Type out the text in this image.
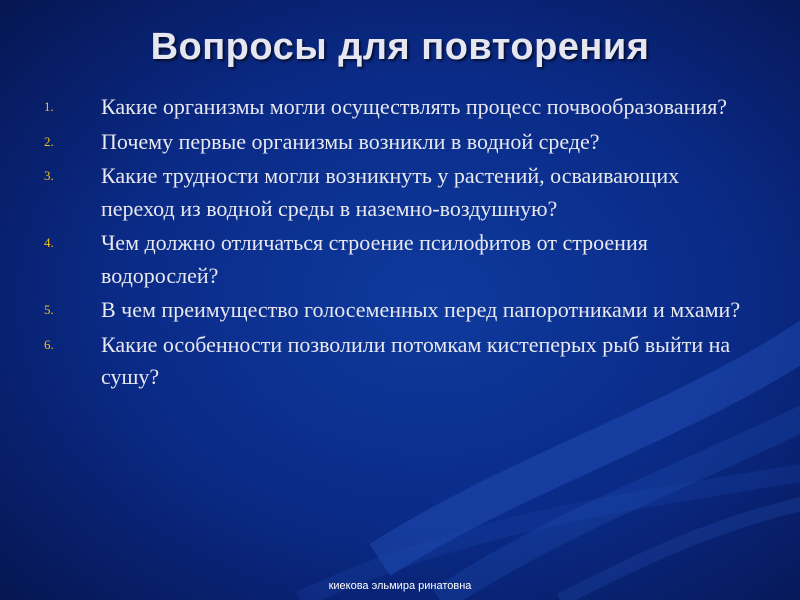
Вопросы для повторения
1. Какие организмы могли осуществлять процесс почвообразования?
2. Почему первые организмы возникли в водной среде?
3. Какие трудности могли возникнуть у растений, осваивающих переход из водной среды в наземно-воздушную?
4. Чем должно отличаться строение псилофитов от строения водорослей?
5. В чем преимущество голосеменных перед папоротниками и мхами?
6. Какие особенности позволили потомкам кистеперых рыб выйти на сушу?
киекова эльмира ринатовна
